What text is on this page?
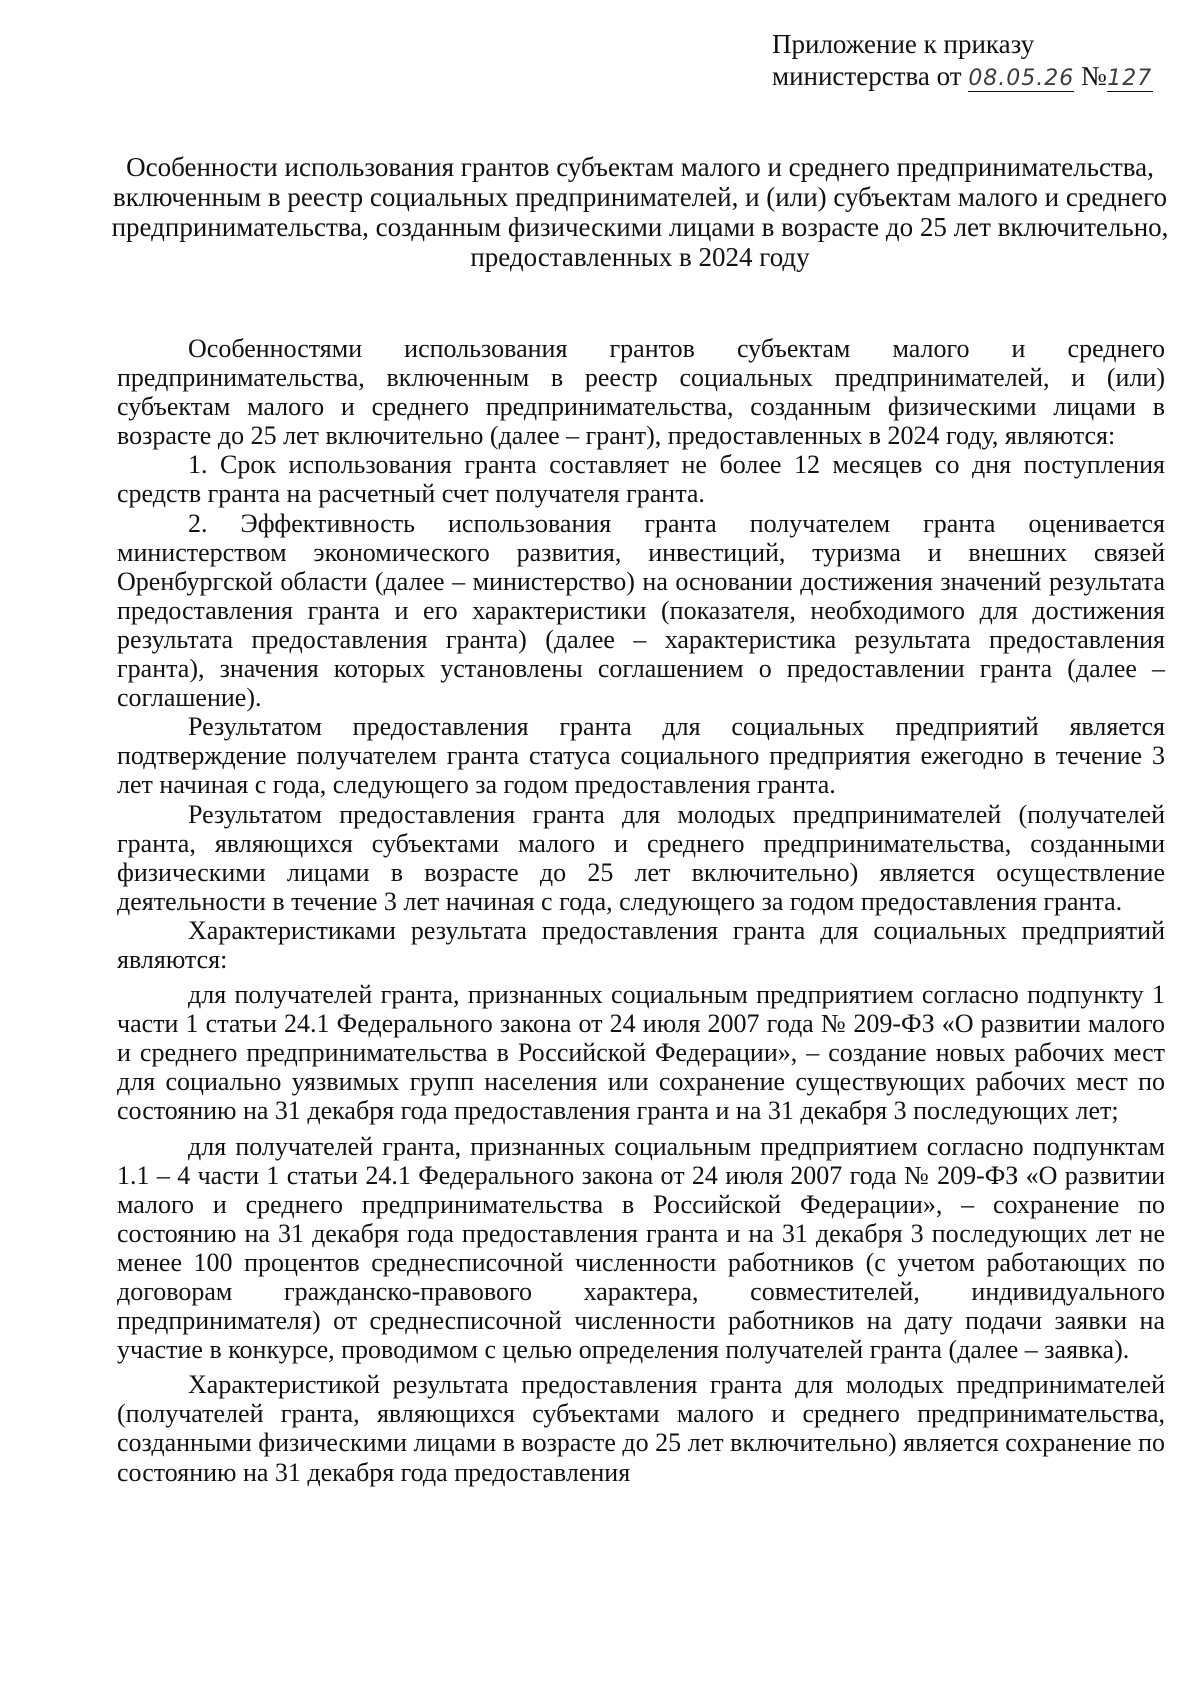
Приложение к приказу
министерства от 08.05.26 №127
Особенности использования грантов субъектам малого и среднего предпринимательства, включенным в реестр социальных предпринимателей, и (или) субъектам малого и среднего предпринимательства, созданным физическими лицами в возрасте до 25 лет включительно, предоставленных в 2024 году

Особенностями использования грантов субъектам малого и среднего предпринимательства, включенным в реестр социальных предпринимателей, и (или) субъектам малого и среднего предпринимательства, созданным физическими лицами в возрасте до 25 лет включительно (далее – грант), предоставленных в 2024 году, являются:

1. Срок использования гранта составляет не более 12 месяцев со дня поступления средств гранта на расчетный счет получателя гранта.

2. Эффективность использования гранта получателем гранта оценивается министерством экономического развития, инвестиций, туризма и внешних связей Оренбургской области (далее – министерство) на основании достижения значений результата предоставления гранта и его характеристики (показателя, необходимого для достижения результата предоставления гранта) (далее – характеристика результата предоставления гранта), значения которых установлены соглашением о предоставлении гранта (далее – соглашение).

Результатом предоставления гранта для социальных предприятий является подтверждение получателем гранта статуса социального предприятия ежегодно в течение 3 лет начиная с года, следующего за годом предоставления гранта.

Результатом предоставления гранта для молодых предпринимателей (получателей гранта, являющихся субъектами малого и среднего предпринимательства, созданными физическими лицами в возрасте до 25 лет включительно) является осуществление деятельности в течение 3 лет начиная с года, следующего за годом предоставления гранта.

Характеристиками результата предоставления гранта для социальных предприятий являются:

для получателей гранта, признанных социальным предприятием согласно подпункту 1 части 1 статьи 24.1 Федерального закона от 24 июля 2007 года № 209-ФЗ «О развитии малого и среднего предпринимательства в Российской Федерации», – создание новых рабочих мест для социально уязвимых групп населения или сохранение существующих рабочих мест по состоянию на 31 декабря года предоставления гранта и на 31 декабря 3 последующих лет;

для получателей гранта, признанных социальным предприятием согласно подпунктам 1.1 – 4 части 1 статьи 24.1 Федерального закона от 24 июля 2007 года № 209-ФЗ «О развитии малого и среднего предпринимательства в Российской Федерации», – сохранение по состоянию на 31 декабря года предоставления гранта и на 31 декабря 3 последующих лет не менее 100 процентов среднесписочной численности работников (с учетом работающих по договорам гражданско-правового характера, совместителей, индивидуального предпринимателя) от среднесписочной численности работников на дату подачи заявки на участие в конкурсе, проводимом с целью определения получателей гранта (далее – заявка).

Характеристикой результата предоставления гранта для молодых предпринимателей (получателей гранта, являющихся субъектами малого и среднего предпринимательства, созданными физическими лицами в возрасте до 25 лет включительно) является сохранение по состоянию на 31 декабря года предоставления
